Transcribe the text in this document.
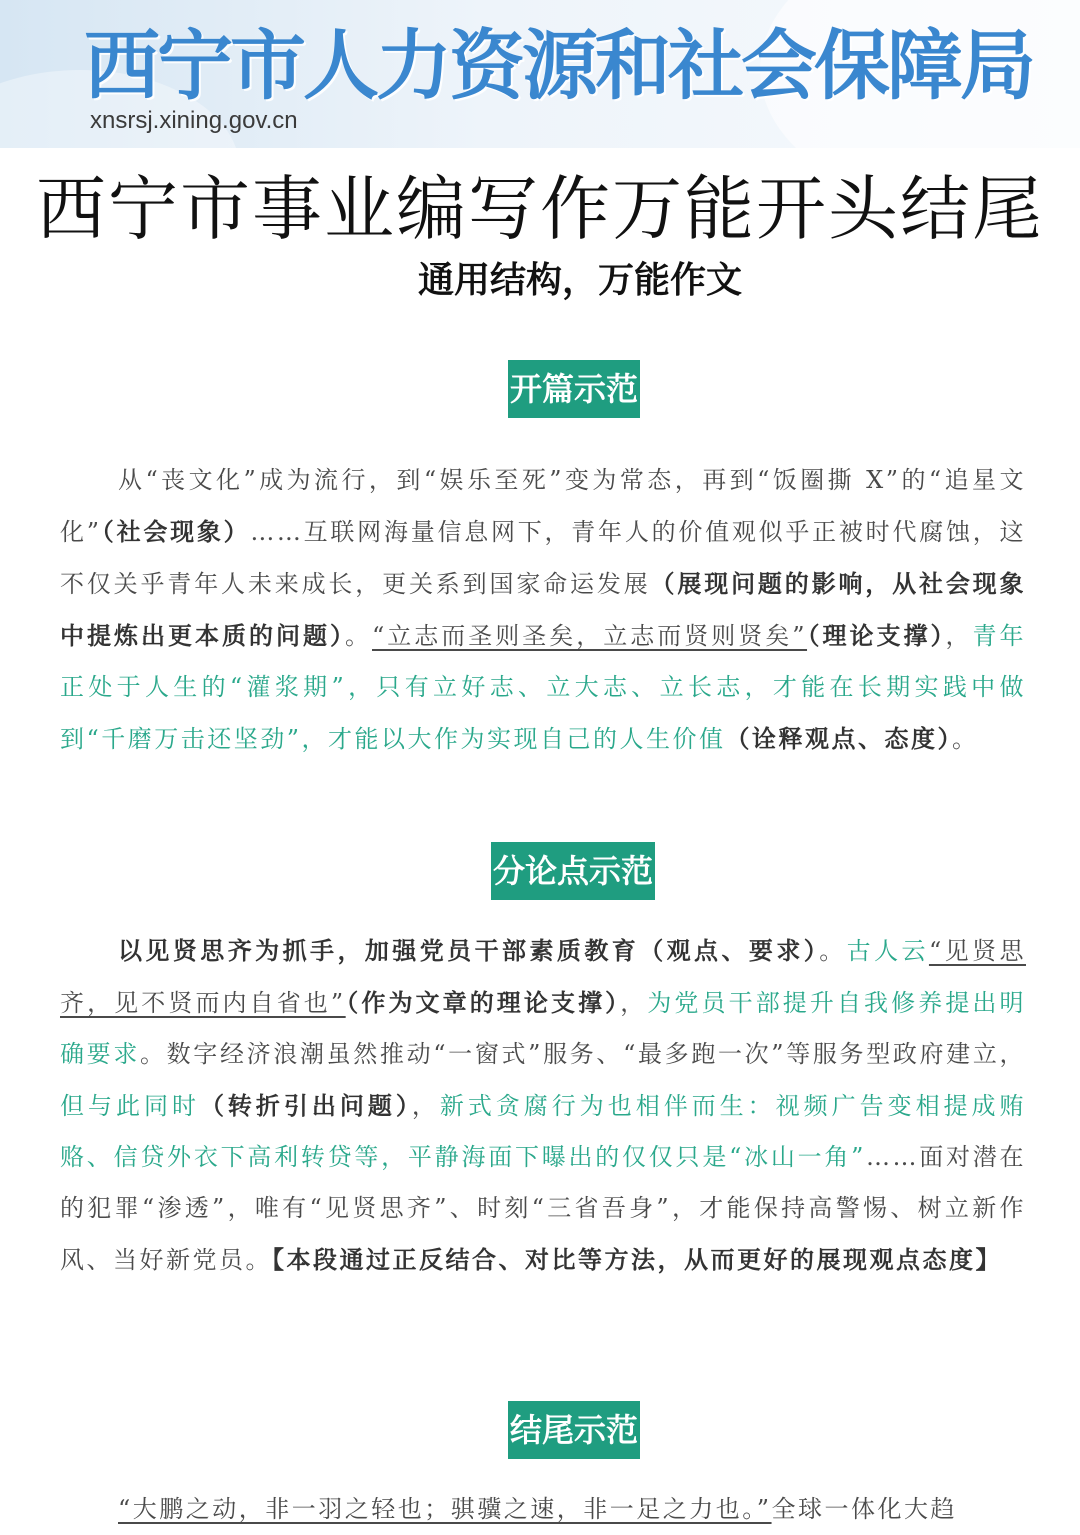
西宁市人力资源和社会保障局
xnsrsj.xining.gov.cn
西宁市事业编写作万能开头结尾
通用结构，万能作文
开篇示范
从“丧文化”成为流行，到“娱乐至死”变为常态，再到“饭圈撕 X”的“追星文化”（社会现象）……互联网海量信息网下，青年人的价值观似乎正被时代腐蚀，这不仅关乎青年人未来成长，更关系到国家命运发展（展现问题的影响，从社会现象中提炼出更本质的问题）。“立志而圣则圣矣，立志而贤则贤矣”（理论支撑），青年正处于人生的“灌浆期”，只有立好志、立大志、立长志，才能在长期实践中做到“千磨万击还坚劲”，才能以大作为实现自己的人生价值（诠释观点、态度）。
分论点示范
以见贤思齐为抓手，加强党员干部素质教育（观点、要求）。古人云“见贤思齐，见不贤而内自省也”（作为文章的理论支撑），为党员干部提升自我修养提出明确要求。数字经济浪潮虽然推动“一窗式”服务、“最多跑一次”等服务型政府建立，但与此同时（转折引出问题），新式贪腐行为也相伴而生：视频广告变相提成贿赂、信贷外衣下高利转贷等，平静海面下曝出的仅仅只是“冰山一角”……面对潜在的犯罪“渗透”，唯有“见贤思齐”、时刻“三省吾身”，才能保持高警惕、树立新作风、当好新党员。【本段通过正反结合、对比等方法，从而更好的展现观点态度】
结尾示范
“大鹏之动，非一羽之轻也；骐骥之速，非一足之力也。”全球一体化大趋
